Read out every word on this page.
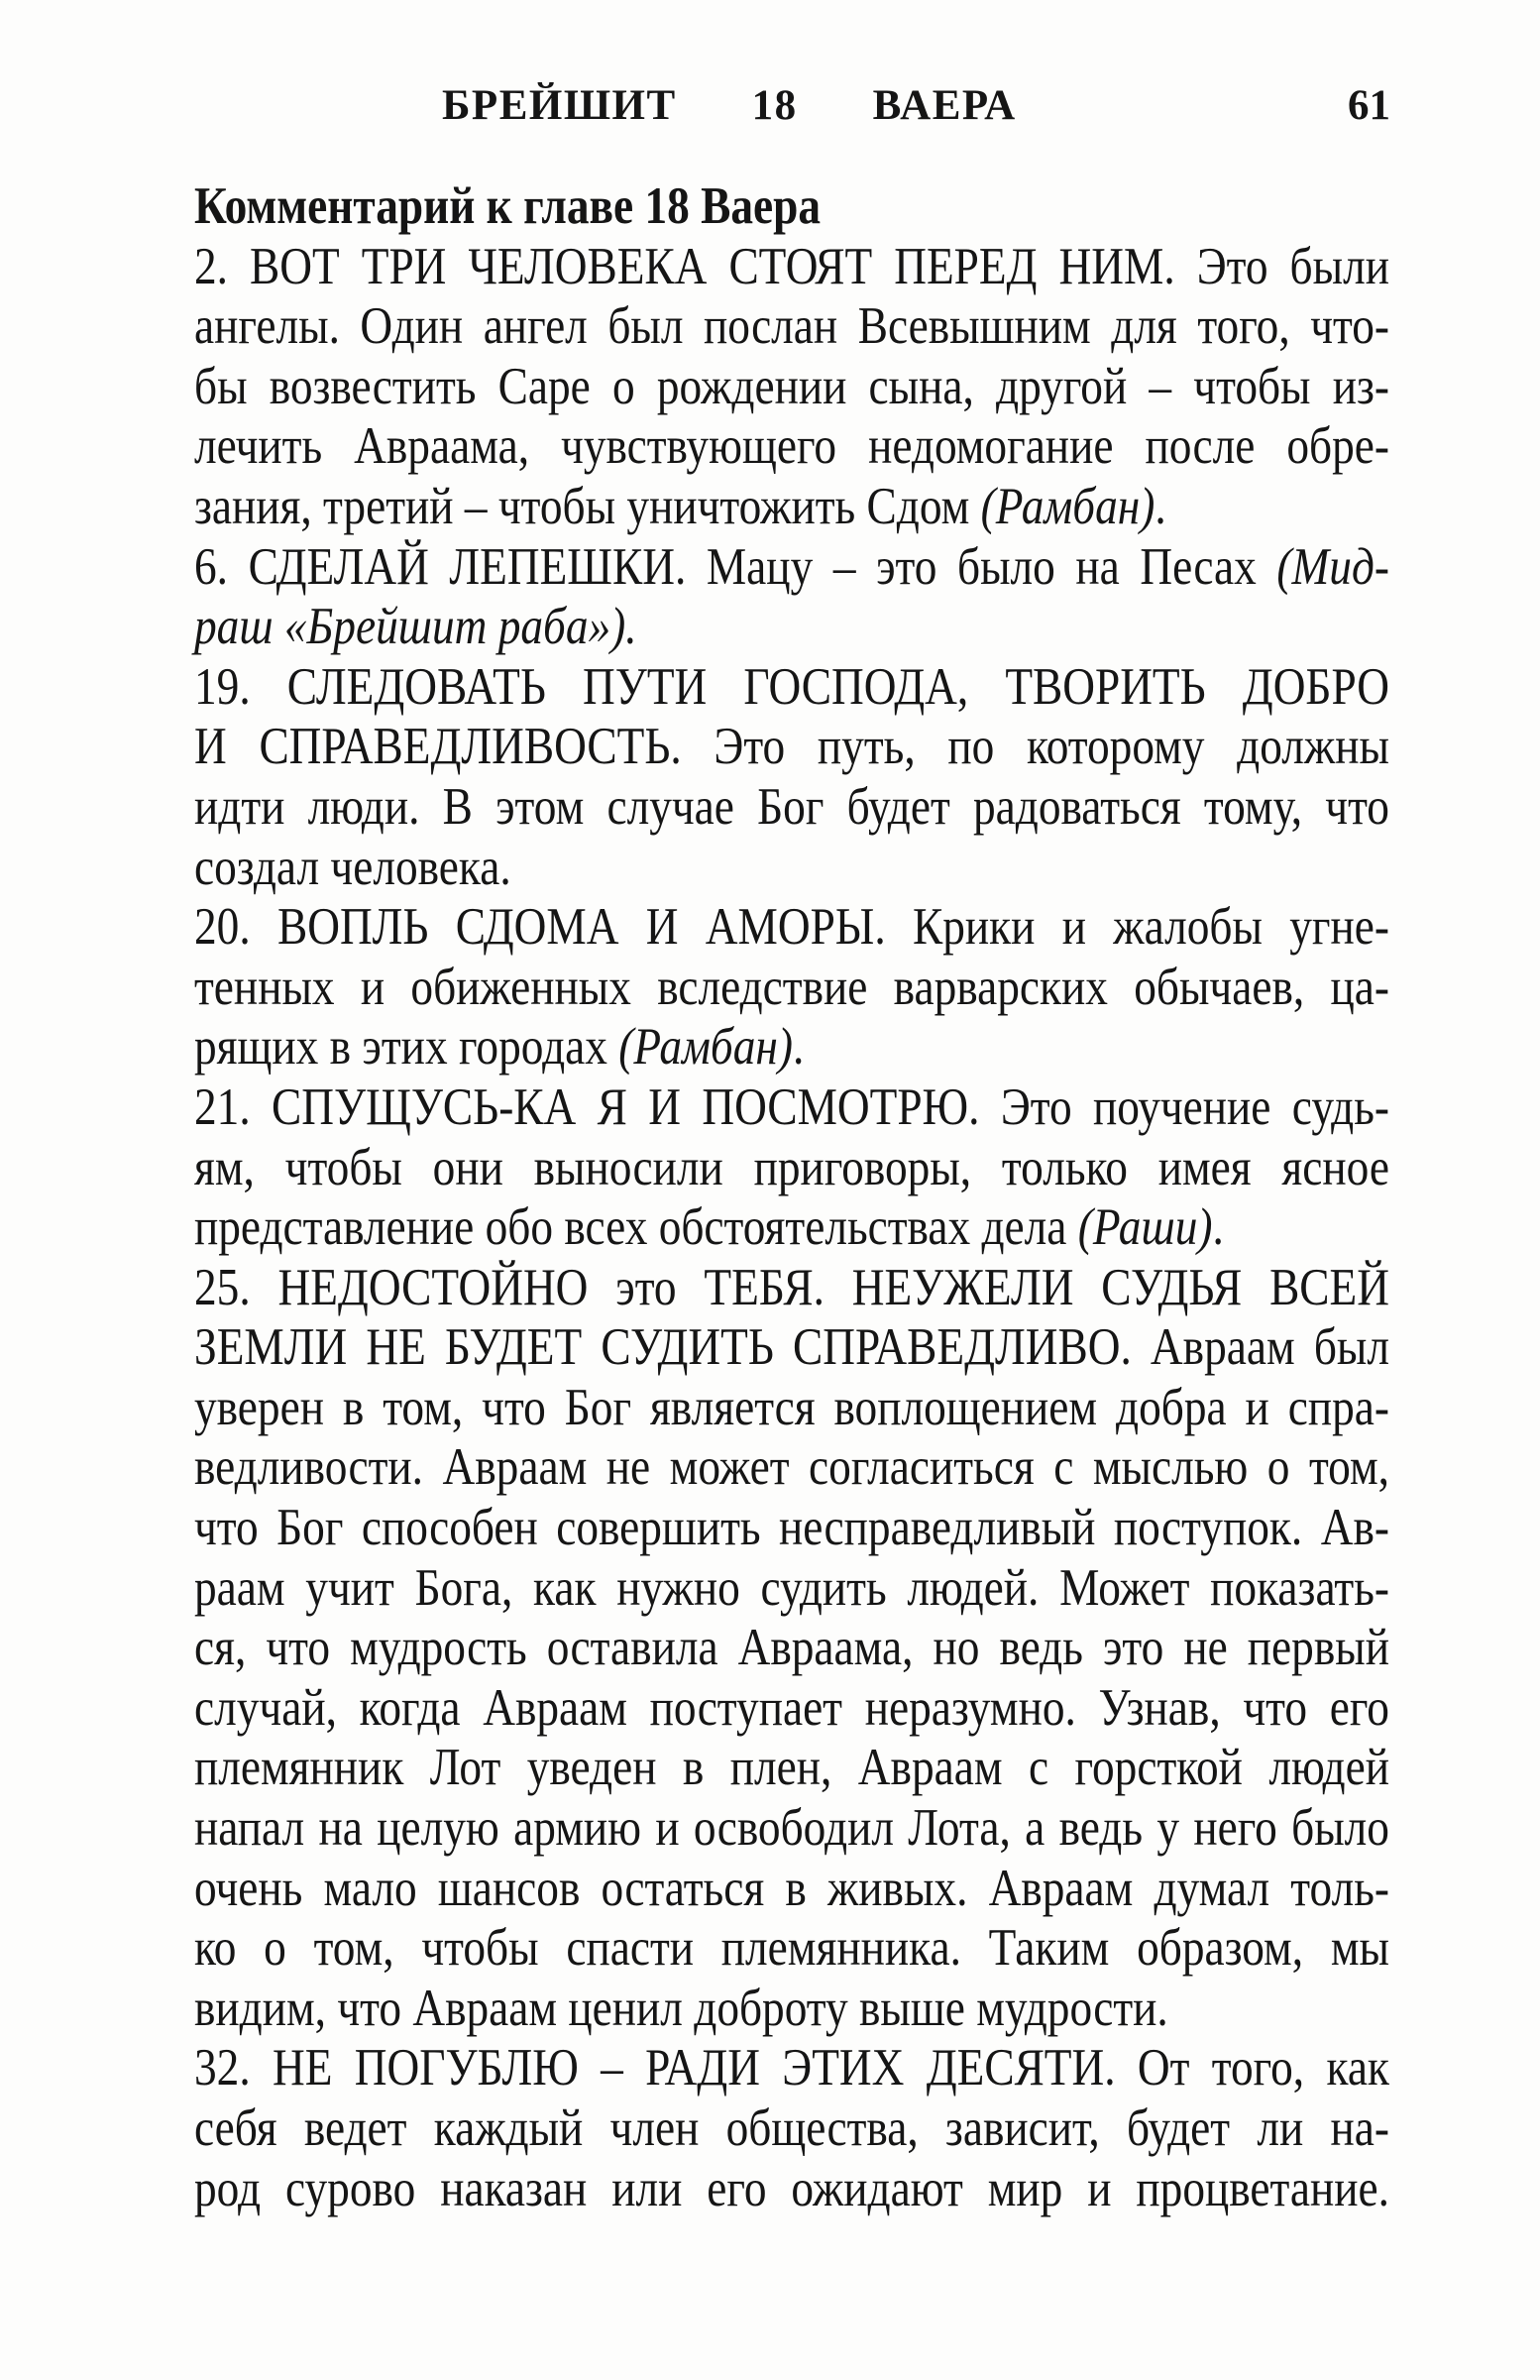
БРЕЙШИТ 18 ВАЕРА	61
Комментарий к главе 18 Ваера
2. ВОТ ТРИ ЧЕЛОВЕКА СТОЯТ ПЕРЕД НИМ. Это были
ангелы. Один ангел был послан Всевышним для того, что-
бы возвестить Саре о рождении сына, другой – чтобы из-
лечить Авраама, чувствующего недомогание после обре-
зания, третий – чтобы уничтожить Сдом (Рамбан).
6. СДЕЛАЙ ЛЕПЕШКИ. Мацу – это было на Песах (Мид-
раш «Брейшит раба»).
19. СЛЕДОВАТЬ ПУТИ ГОСПОДА, ТВОРИТЬ ДОБРО
И СПРАВЕДЛИВОСТЬ. Это путь, по которому должны
идти люди. В этом случае Бог будет радоваться тому, что
создал человека.
20. ВОПЛЬ СДОМА И АМОРЫ. Крики и жалобы угне-
тенных и обиженных вследствие варварских обычаев, ца-
рящих в этих городах (Рамбан).
21. СПУЩУСЬ-КА Я И ПОСМОТРЮ. Это поучение судь-
ям, чтобы они выносили приговоры, только имея ясное
представление обо всех обстоятельствах дела (Раши).
25. НЕДОСТОЙНО это ТЕБЯ. НЕУЖЕЛИ СУДЬЯ ВСЕЙ
ЗЕМЛИ НЕ БУДЕТ СУДИТЬ СПРАВЕДЛИВО. Авраам был
уверен в том, что Бог является воплощением добра и спра-
ведливости. Авраам не может согласиться с мыслью о том,
что Бог способен совершить несправедливый поступок. Ав-
раам учит Бога, как нужно судить людей. Может показать-
ся, что мудрость оставила Авраама, но ведь это не первый
случай, когда Авраам поступает неразумно. Узнав, что его
племянник Лот уведен в плен, Авраам с горсткой людей
напал на целую армию и освободил Лота, а ведь у него было
очень мало шансов остаться в живых. Авраам думал толь-
ко о том, чтобы спасти племянника. Таким образом, мы
видим, что Авраам ценил доброту выше мудрости.
32. НЕ ПОГУБЛЮ – РАДИ ЭТИХ ДЕСЯТИ. От того, как
себя ведет каждый член общества, зависит, будет ли на-
род сурово наказан или его ожидают мир и процветание.
